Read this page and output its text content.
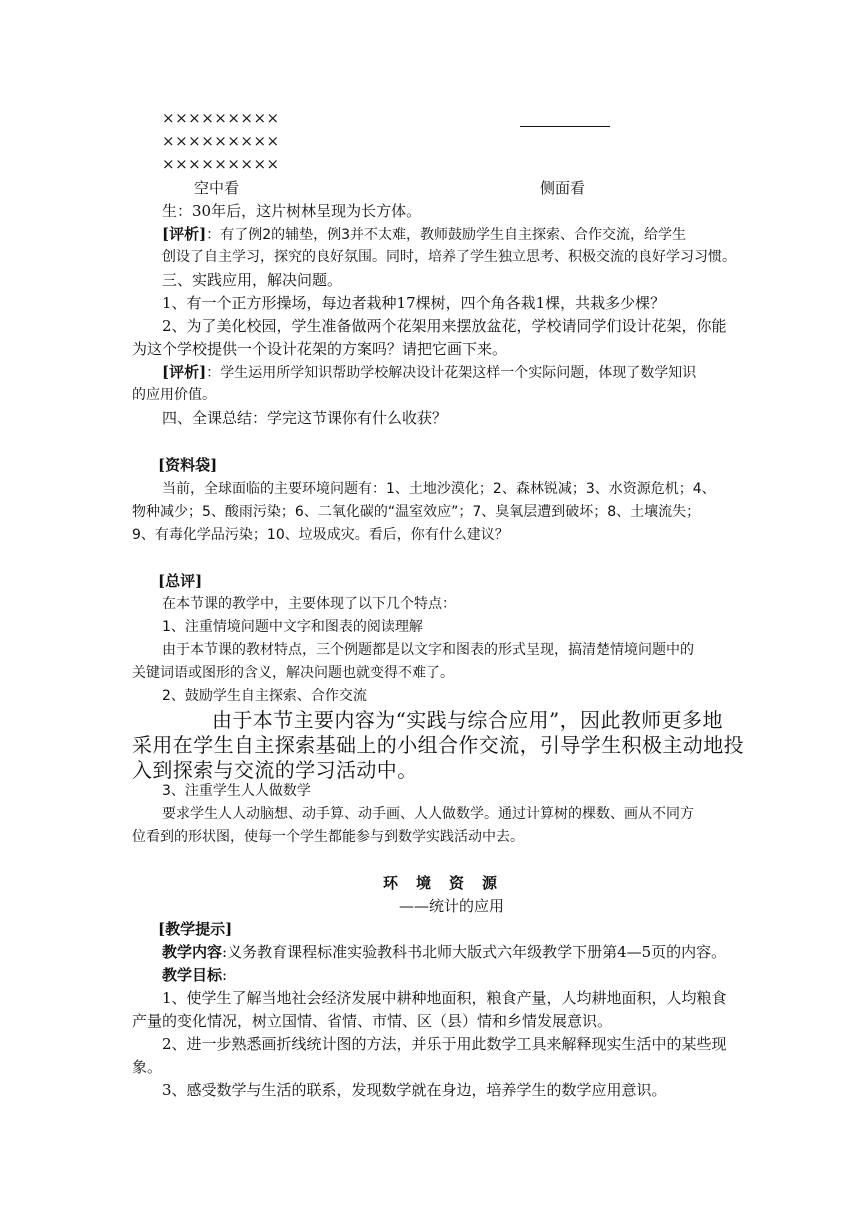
×××××××××
×××××××××
×××××××××
空中看	侧面看
生：30年后，这片树林呈现为长方体。
[评析]：有了例2的辅垫，例3并不太难，教师鼓励学生自主探索、合作交流，给学生
创设了自主学习，探究的良好氛围。同时，培养了学生独立思考、积极交流的良好学习习惯。
三、实践应用，解决问题。
1、有一个正方形操场，每边者栽种17棵树，四个角各栽1棵，共栽多少棵？
2、为了美化校园，学生准备做两个花架用来摆放盆花，学校请同学们设计花架，你能
为这个学校提供一个设计花架的方案吗？请把它画下来。
[评析]：学生运用所学知识帮助学校解决设计花架这样一个实际问题，体现了数学知识
的应用价值。
四、全课总结：学完这节课你有什么收获？
[资料袋]
当前，全球面临的主要环境问题有：1、土地沙漠化；2、森林锐减；3、水资源危机；4、
物种减少；5、酸雨污染；6、二氧化碳的“温室效应”；7、臭氧层遭到破坏；8、土壤流失；
9、有毒化学品污染；10、垃圾成灾。看后，你有什么建议？
[总评]
在本节课的教学中，主要体现了以下几个特点：
1、注重情境问题中文字和图表的阅读理解
由于本节课的教材特点，三个例题都是以文字和图表的形式呈现，搞清楚情境问题中的
关键词语或图形的含义，解决问题也就变得不难了。
2、鼓励学生自主探索、合作交流
由于本节主要内容为“实践与综合应用”，因此教师更多地
采用在学生自主探索基础上的小组合作交流，引导学生积极主动地投
入到探索与交流的学习活动中。
3、注重学生人人做数学
要求学生人人动脑想、动手算、动手画、人人做数学。通过计算树的棵数、画从不同方
位看到的形状图，使每一个学生都能参与到数学实践活动中去。
环境资源
——统计的应用
[教学提示]
教学内容:义务教育课程标准实验教科书北师大版式六年级教学下册第4—5页的内容。
教学目标:
1、使学生了解当地社会经济发展中耕种地面积，粮食产量，人均耕地面积，人均粮食
产量的变化情况，树立国情、省情、市情、区（县）情和乡情发展意识。
2、进一步熟悉画折线统计图的方法，并乐于用此数学工具来解释现实生活中的某些现
象。
3、感受数学与生活的联系，发现数学就在身边，培养学生的数学应用意识。
